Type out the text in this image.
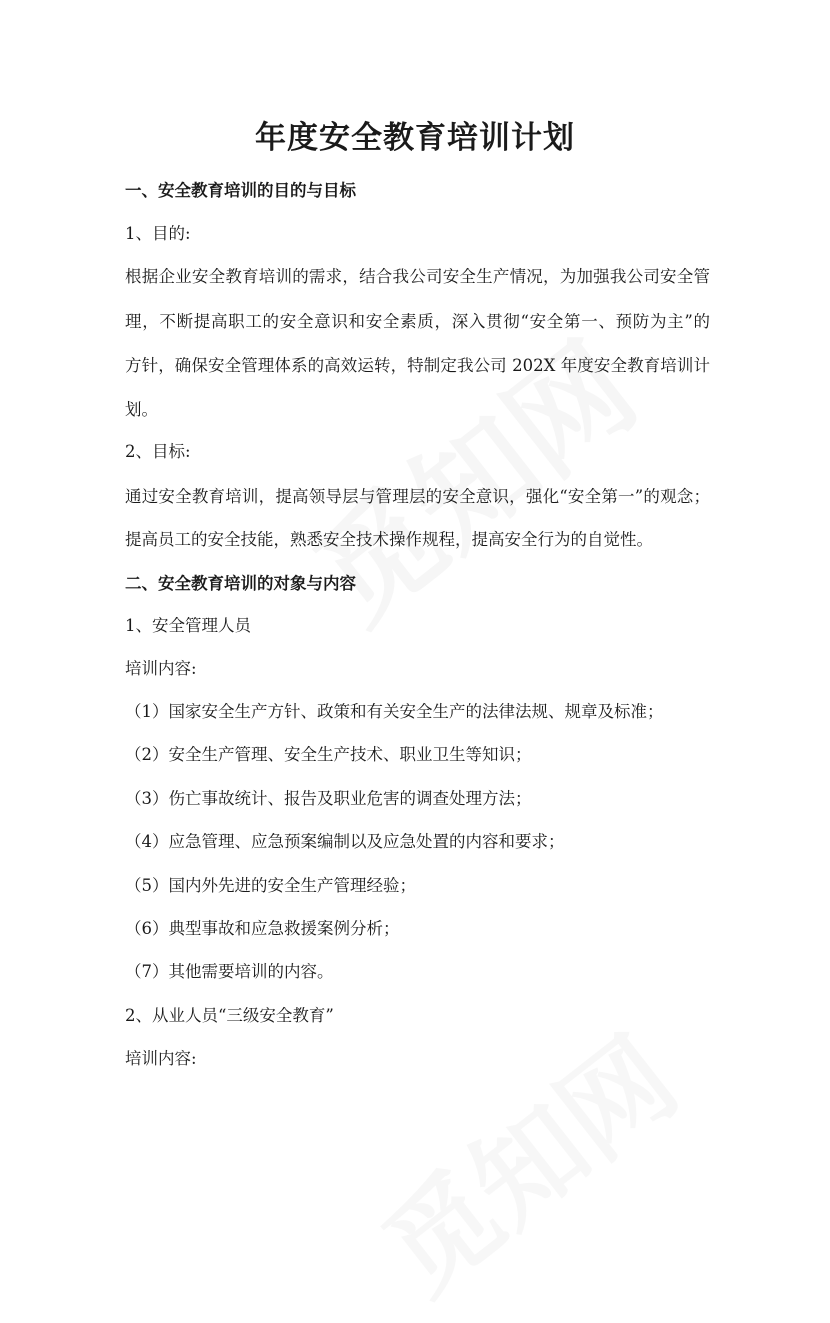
年度安全教育培训计划
一、安全教育培训的目的与目标
1、目的:
根据企业安全教育培训的需求，结合我公司安全生产情况，为加强我公司安全管
理，不断提高职工的安全意识和安全素质，深入贯彻“安全第一、预防为主”的
方针，确保安全管理体系的高效运转，特制定我公司 202X 年度安全教育培训计
划。
2、目标:
通过安全教育培训，提高领导层与管理层的安全意识，强化“安全第一”的观念；
提高员工的安全技能，熟悉安全技术操作规程，提高安全行为的自觉性。
二、安全教育培训的对象与内容
1、安全管理人员
培训内容:
（1）国家安全生产方针、政策和有关安全生产的法律法规、规章及标准；
（2）安全生产管理、安全生产技术、职业卫生等知识；
（3）伤亡事故统计、报告及职业危害的调查处理方法；
（4）应急管理、应急预案编制以及应急处置的内容和要求；
（5）国内外先进的安全生产管理经验；
（6）典型事故和应急救援案例分析；
（7）其他需要培训的内容。
2、从业人员“三级安全教育”
培训内容:
